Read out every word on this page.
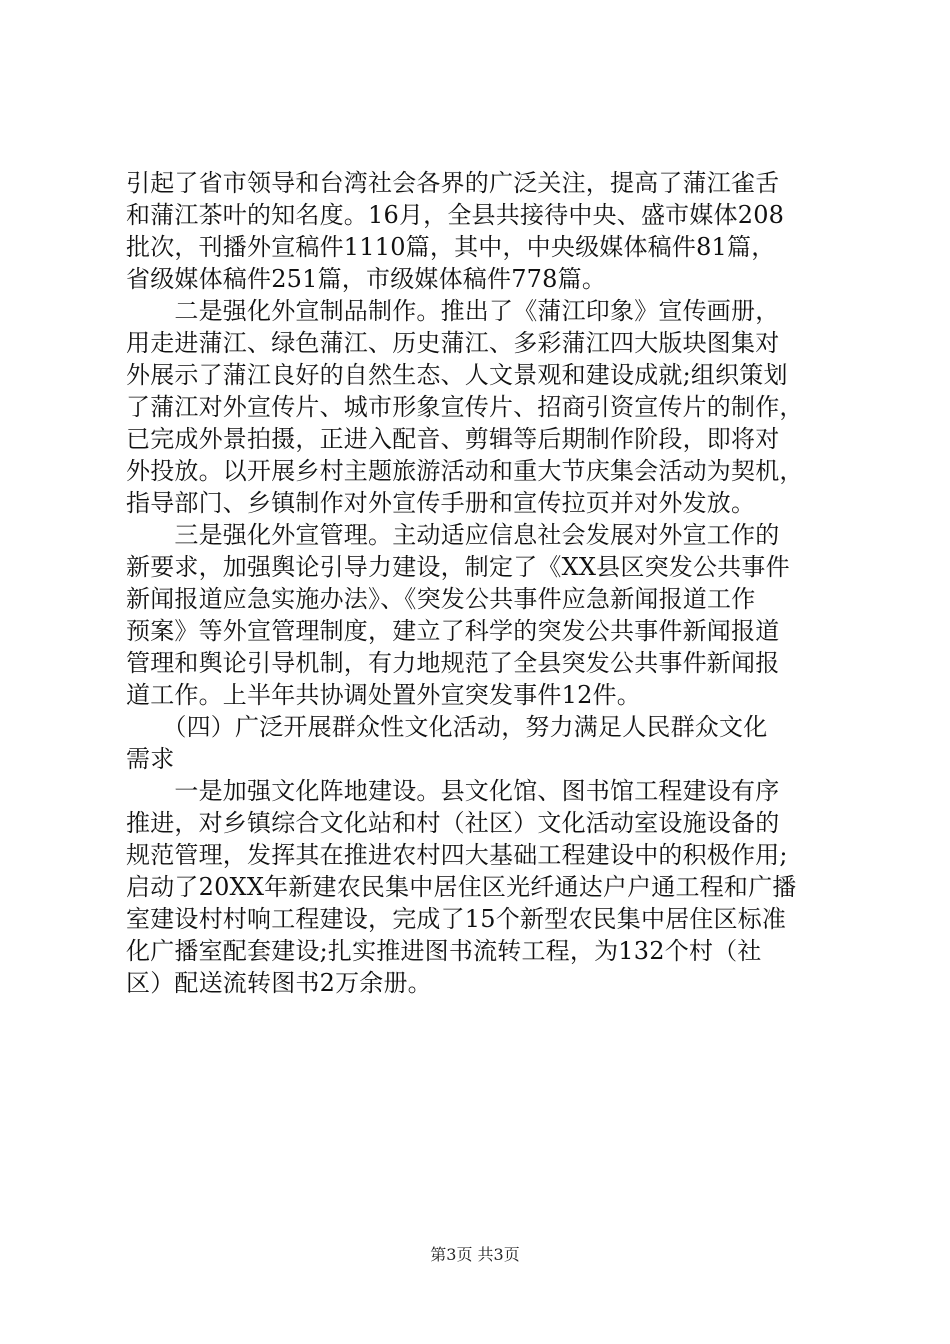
引起了省市领导和台湾社会各界的广泛关注，提高了蒲江雀舌
和蒲江茶叶的知名度。16月，全县共接待中央、盛市媒体208
批次，刊播外宣稿件1110篇，其中，中央级媒体稿件81篇，
省级媒体稿件251篇，市级媒体稿件778篇。
　　二是强化外宣制品制作。推出了《蒲江印象》宣传画册，
用走进蒲江、绿色蒲江、历史蒲江、多彩蒲江四大版块图集对
外展示了蒲江良好的自然生态、人文景观和建设成就;组织策划
了蒲江对外宣传片、城市形象宣传片、招商引资宣传片的制作，
已完成外景拍摄，正进入配音、剪辑等后期制作阶段，即将对
外投放。以开展乡村主题旅游活动和重大节庆集会活动为契机，
指导部门、乡镇制作对外宣传手册和宣传拉页并对外发放。
　　三是强化外宣管理。主动适应信息社会发展对外宣工作的
新要求，加强舆论引导力建设，制定了《XX县区突发公共事件
新闻报道应急实施办法》、《突发公共事件应急新闻报道工作
预案》等外宣管理制度，建立了科学的突发公共事件新闻报道
管理和舆论引导机制，有力地规范了全县突发公共事件新闻报
道工作。上半年共协调处置外宣突发事件12件。
　　（四）广泛开展群众性文化活动，努力满足人民群众文化
需求
　　一是加强文化阵地建设。县文化馆、图书馆工程建设有序
推进，对乡镇综合文化站和村（社区）文化活动室设施设备的
规范管理，发挥其在推进农村四大基础工程建设中的积极作用;
启动了20XX年新建农民集中居住区光纤通达户户通工程和广播
室建设村村响工程建设，完成了15个新型农民集中居住区标准
化广播室配套建设;扎实推进图书流转工程，为132个村（社
区）配送流转图书2万余册。
第3页 共3页
